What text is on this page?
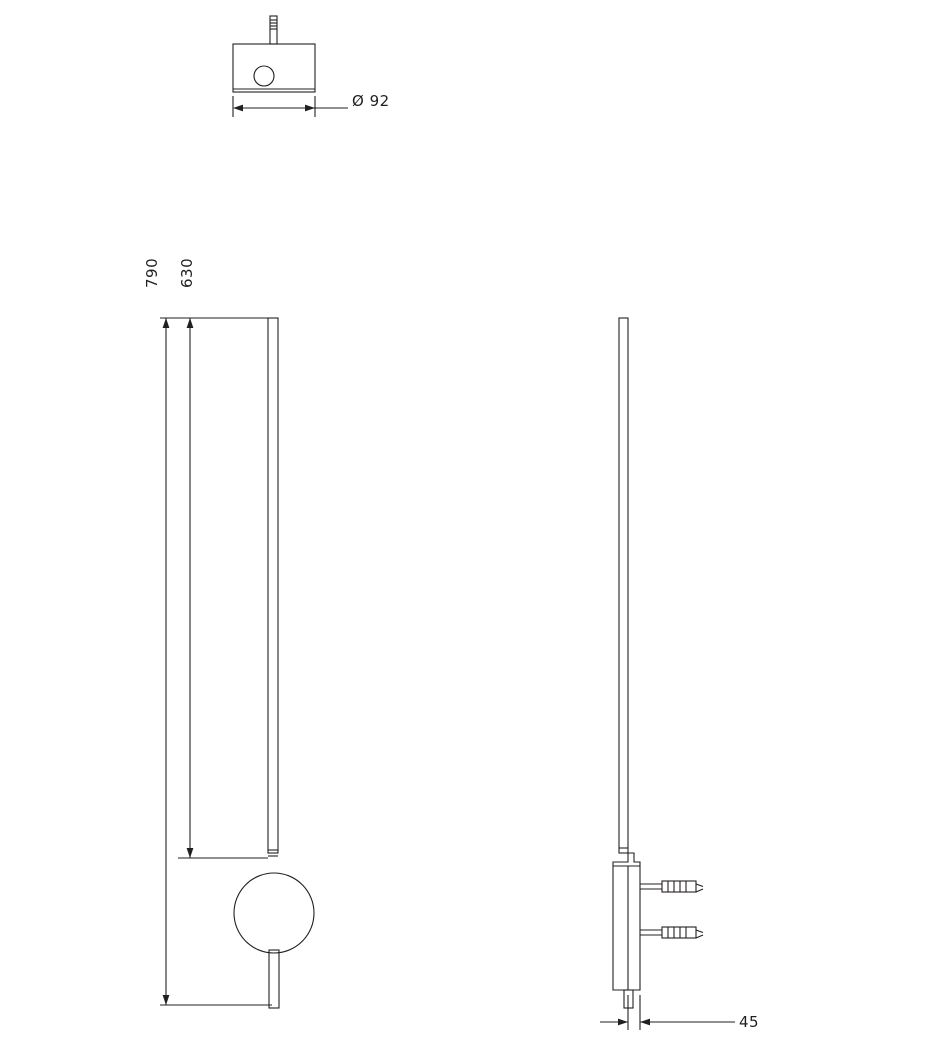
Ø 92
790 630
45
